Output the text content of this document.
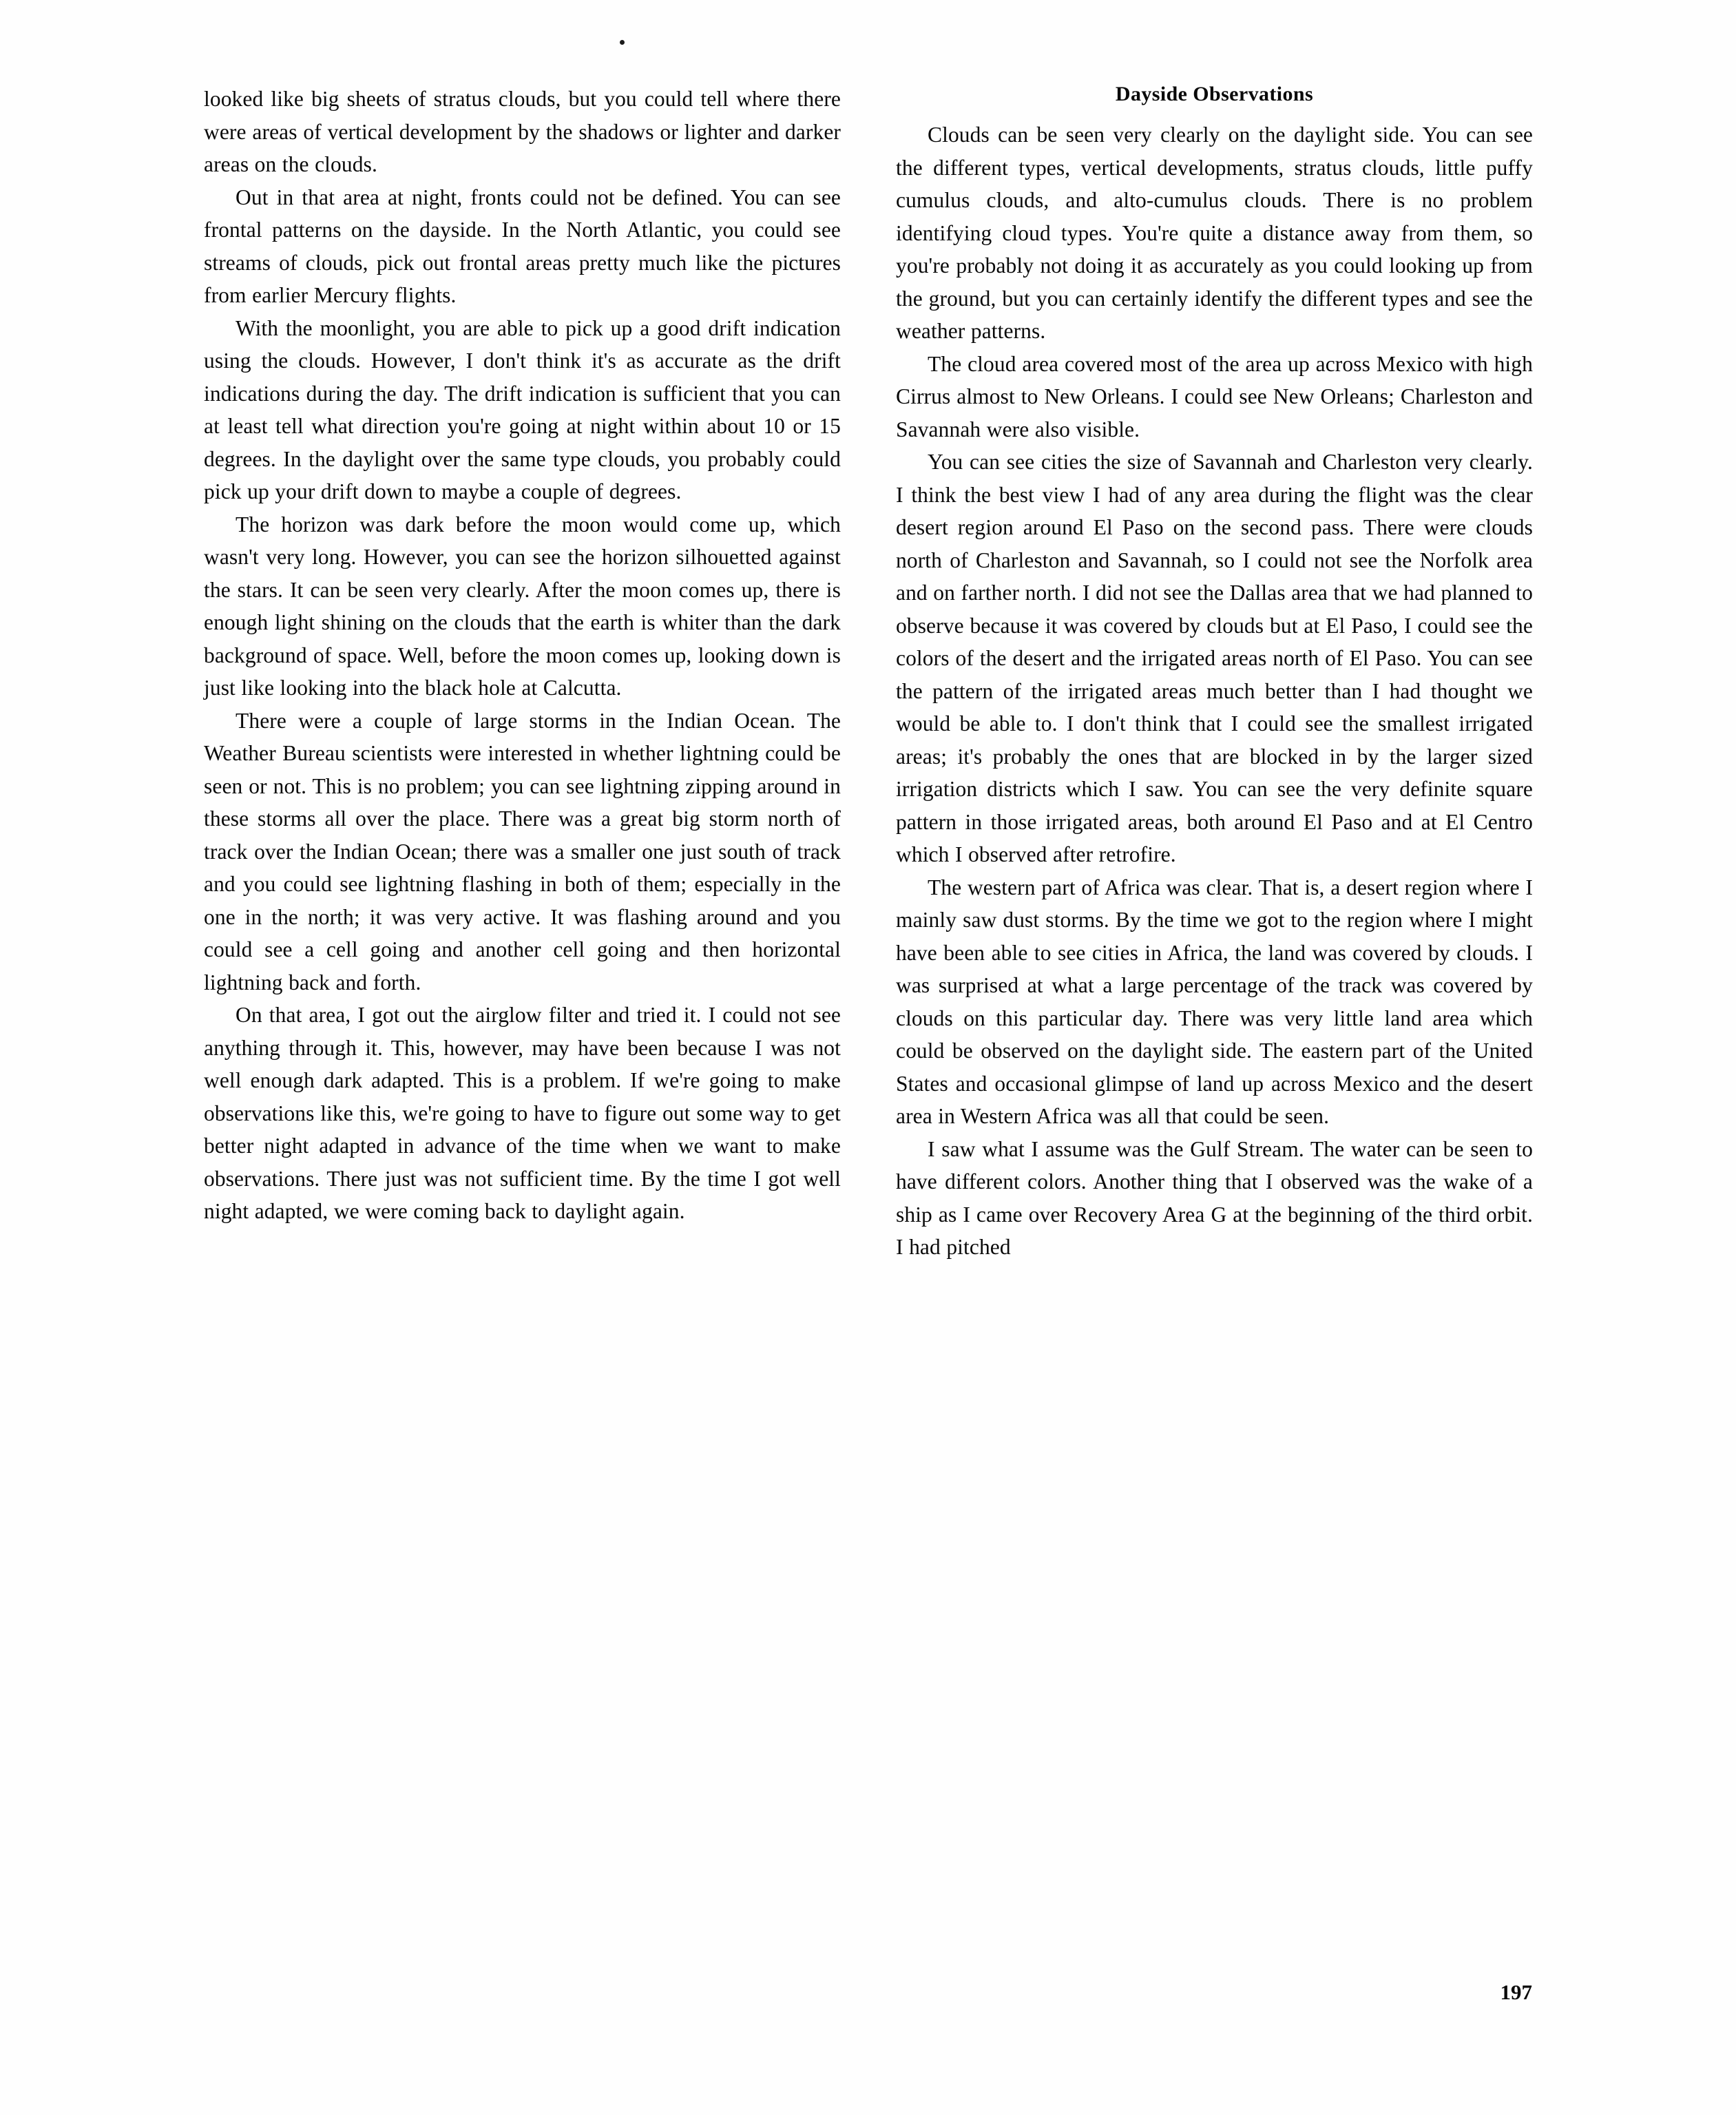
looked like big sheets of stratus clouds, but you could tell where there were areas of vertical development by the shadows or lighter and darker areas on the clouds.

Out in that area at night, fronts could not be defined. You can see frontal patterns on the dayside. In the North Atlantic, you could see streams of clouds, pick out frontal areas pretty much like the pictures from earlier Mercury flights.

With the moonlight, you are able to pick up a good drift indication using the clouds. However, I don't think it's as accurate as the drift indications during the day. The drift indication is sufficient that you can at least tell what direction you're going at night within about 10 or 15 degrees. In the daylight over the same type clouds, you probably could pick up your drift down to maybe a couple of degrees.

The horizon was dark before the moon would come up, which wasn't very long. However, you can see the horizon silhouetted against the stars. It can be seen very clearly. After the moon comes up, there is enough light shining on the clouds that the earth is whiter than the dark background of space. Well, before the moon comes up, looking down is just like looking into the black hole at Calcutta.

There were a couple of large storms in the Indian Ocean. The Weather Bureau scientists were interested in whether lightning could be seen or not. This is no problem; you can see lightning zipping around in these storms all over the place. There was a great big storm north of track over the Indian Ocean; there was a smaller one just south of track and you could see lightning flashing in both of them; especially in the one in the north; it was very active. It was flashing around and you could see a cell going and another cell going and then horizontal lightning back and forth.

On that area, I got out the airglow filter and tried it. I could not see anything through it. This, however, may have been because I was not well enough dark adapted. This is a problem. If we're going to make observations like this, we're going to have to figure out some way to get better night adapted in advance of the time when we want to make observations. There just was not sufficient time. By the time I got well night adapted, we were coming back to daylight again.

Dayside Observations

Clouds can be seen very clearly on the daylight side. You can see the different types, vertical developments, stratus clouds, little puffy cumulus clouds, and alto-cumulus clouds. There is no problem identifying cloud types. You're quite a distance away from them, so you're probably not doing it as accurately as you could looking up from the ground, but you can certainly identify the different types and see the weather patterns.

The cloud area covered most of the area up across Mexico with high Cirrus almost to New Orleans. I could see New Orleans; Charleston and Savannah were also visible.

You can see cities the size of Savannah and Charleston very clearly. I think the best view I had of any area during the flight was the clear desert region around El Paso on the second pass. There were clouds north of Charleston and Savannah, so I could not see the Norfolk area and on farther north. I did not see the Dallas area that we had planned to observe because it was covered by clouds but at El Paso, I could see the colors of the desert and the irrigated areas north of El Paso. You can see the pattern of the irrigated areas much better than I had thought we would be able to. I don't think that I could see the smallest irrigated areas; it's probably the ones that are blocked in by the larger sized irrigation districts which I saw. You can see the very definite square pattern in those irrigated areas, both around El Paso and at El Centro which I observed after retrofire.

The western part of Africa was clear. That is, a desert region where I mainly saw dust storms. By the time we got to the region where I might have been able to see cities in Africa, the land was covered by clouds. I was surprised at what a large percentage of the track was covered by clouds on this particular day. There was very little land area which could be observed on the daylight side. The eastern part of the United States and occasional glimpse of land up across Mexico and the desert area in Western Africa was all that could be seen.

I saw what I assume was the Gulf Stream. The water can be seen to have different colors. Another thing that I observed was the wake of a ship as I came over Recovery Area G at the beginning of the third orbit. I had pitched

197
